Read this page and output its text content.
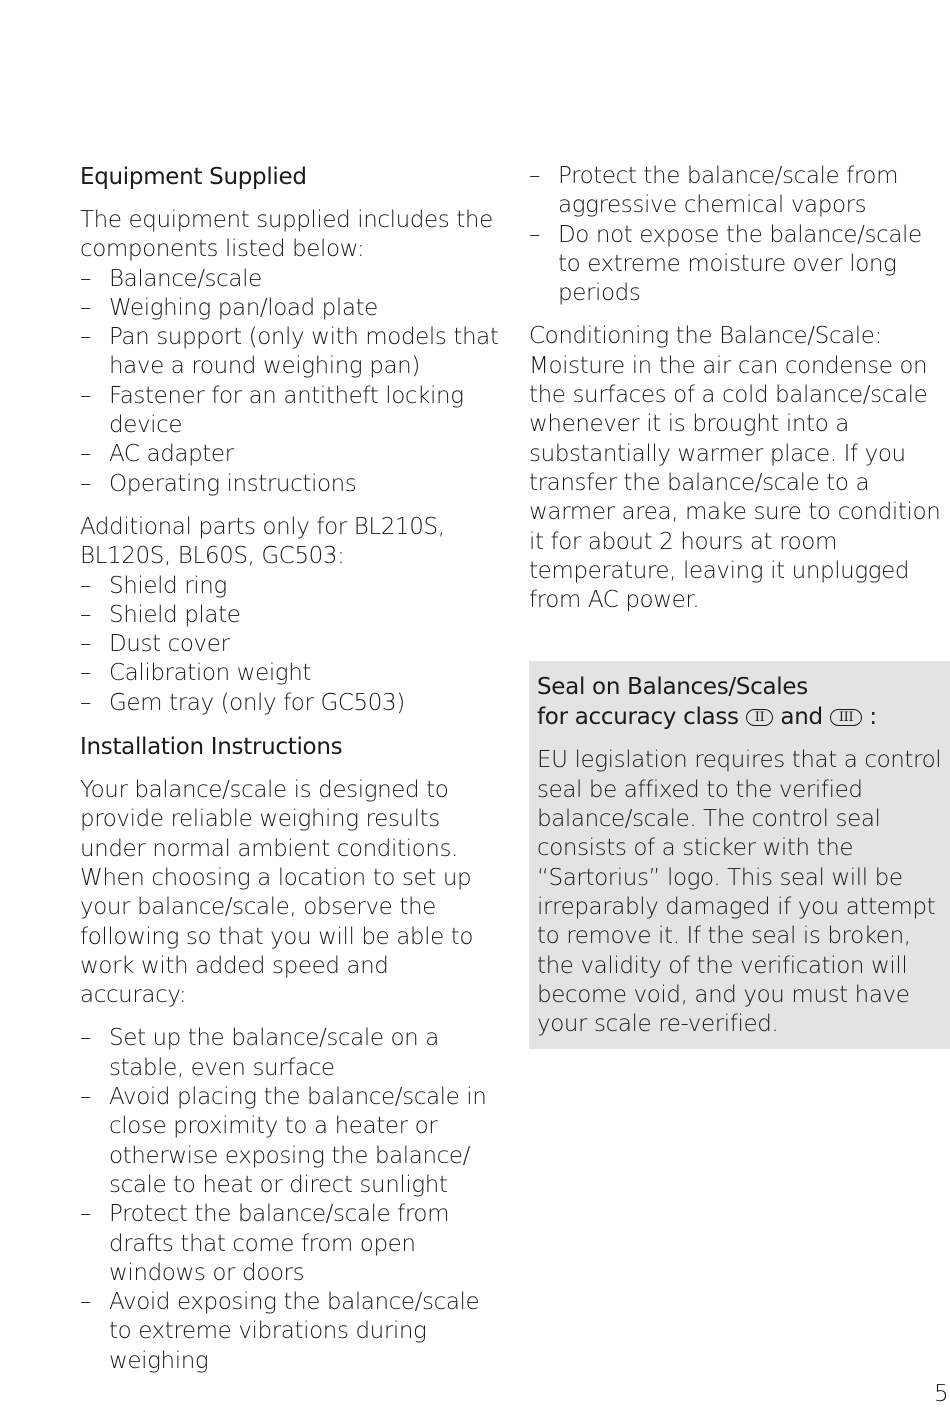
Equipment Supplied

The equipment supplied includes the components listed below:

– Balance/scale
– Weighing pan/load plate
– Pan support (only with models that have a round weighing pan)
– Fastener for an antitheft locking device
– AC adapter
– Operating instructions

Additional parts only for BL210S, BL120S, BL60S, GC503:

– Shield ring
– Shield plate
– Dust cover
– Calibration weight
– Gem tray (only for GC503)
Installation Instructions

Your balance/scale is designed to provide reliable weighing results under normal ambient conditions. When choosing a location to set up your balance/scale, observe the following so that you will be able to work with added speed and accuracy:

– Set up the balance/scale on a stable, even surface
– Avoid placing the balance/scale in close proximity to a heater or otherwise exposing the balance/ scale to heat or direct sunlight
– Protect the balance/scale from drafts that come from open windows or doors
– Avoid exposing the balance/scale to extreme vibrations during weighing
– Protect the balance/scale from aggressive chemical vapors
– Do not expose the balance/scale to extreme moisture over long periods

Conditioning the Balance/Scale: Moisture in the air can condense on the surfaces of a cold balance/scale whenever it is brought into a substantially warmer place. If you transfer the balance/scale to a warmer area, make sure to condition it for about 2 hours at room temperature, leaving it unplugged from AC power.

Seal on Balances/Scales
for accuracy class II and III :

EU legislation requires that a control seal be affixed to the verified balance/scale. The control seal consists of a sticker with the “Sartorius” logo. This seal will be irreparably damaged if you attempt to remove it. If the seal is broken, the validity of the verification will become void, and you must have your scale re-verified.

5
